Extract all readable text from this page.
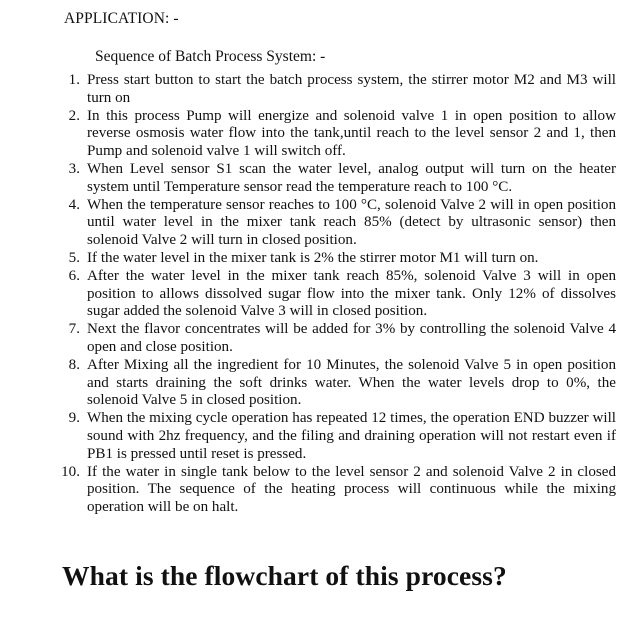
APPLICATION: -
Sequence of Batch Process System: -
1. Press start button to start the batch process system, the stirrer motor M2 and M3 will turn on
2. In this process Pump will energize and solenoid valve 1 in open position to allow reverse osmosis water flow into the tank,until reach to the level sensor 2 and 1, then Pump and solenoid valve 1 will switch off.
3. When Level sensor S1 scan the water level, analog output will turn on the heater system until Temperature sensor read the temperature reach to 100 °C.
4. When the temperature sensor reaches to 100 °C, solenoid Valve 2 will in open position until water level in the mixer tank reach 85% (detect by ultrasonic sensor) then solenoid Valve 2 will turn in closed position.
5. If the water level in the mixer tank is 2% the stirrer motor M1 will turn on.
6. After the water level in the mixer tank reach 85%, solenoid Valve 3 will in open position to allows dissolved sugar flow into the mixer tank. Only 12% of dissolves sugar added the solenoid Valve 3 will in closed position.
7. Next the flavor concentrates will be added for 3% by controlling the solenoid Valve 4 open and close position.
8. After Mixing all the ingredient for 10 Minutes, the solenoid Valve 5 in open position and starts draining the soft drinks water. When the water levels drop to 0%, the solenoid Valve 5 in closed position.
9. When the mixing cycle operation has repeated 12 times, the operation END buzzer will sound with 2hz frequency, and the filing and draining operation will not restart even if PB1 is pressed until reset is pressed.
10. If the water in single tank below to the level sensor 2 and solenoid Valve 2 in closed position. The sequence of the heating process will continuous while the mixing operation will be on halt.
What is the flowchart of this process?
